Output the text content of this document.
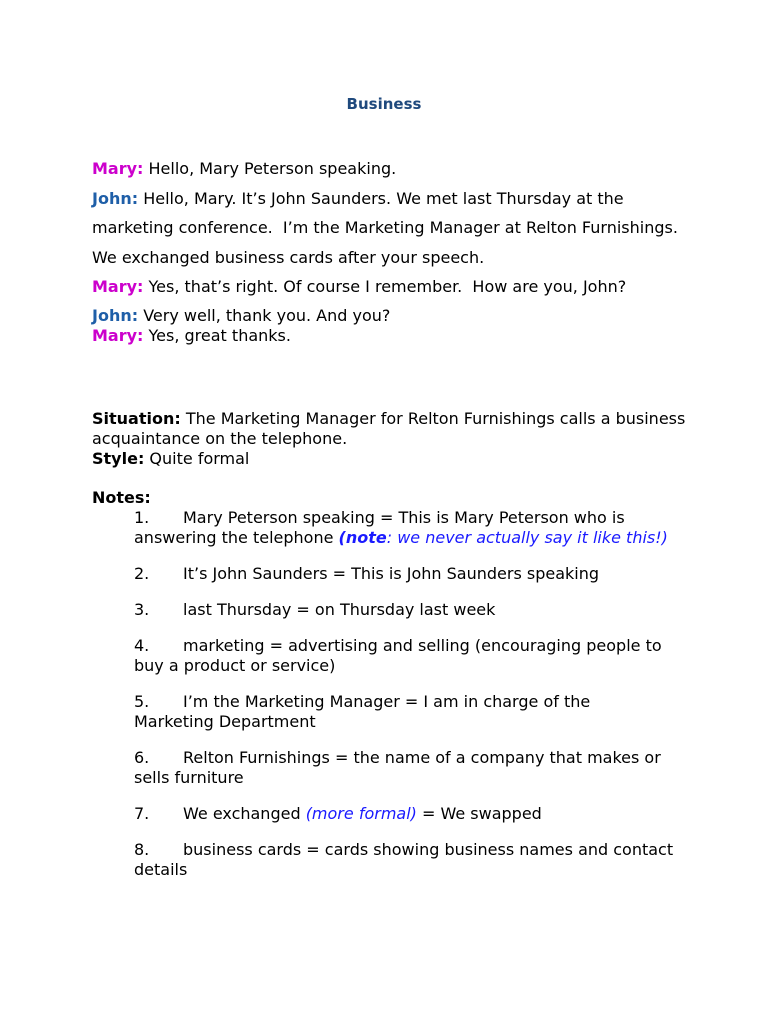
Business

Mary: Hello, Mary Peterson speaking.

John: Hello, Mary. It’s John Saunders. We met last Thursday at the marketing conference.  I’m the Marketing Manager at Relton Furnishings.  We exchanged business cards after your speech.

Mary: Yes, that’s right. Of course I remember.  How are you, John?

John: Very well, thank you. And you?

Mary: Yes, great thanks.

Situation: The Marketing Manager for Relton Furnishings calls a business acquaintance on the telephone.

Style: Quite formal

Notes:

1. Mary Peterson speaking = This is Mary Peterson who is answering the telephone (note: we never actually say it like this!)

2. It’s John Saunders = This is John Saunders speaking

3. last Thursday = on Thursday last week

4. marketing = advertising and selling (encouraging people to buy a product or service)

5. I’m the Marketing Manager = I am in charge of the Marketing Department

6. Relton Furnishings = the name of a company that makes or sells furniture

7. We exchanged (more formal) = We swapped

8. business cards = cards showing business names and contact details
